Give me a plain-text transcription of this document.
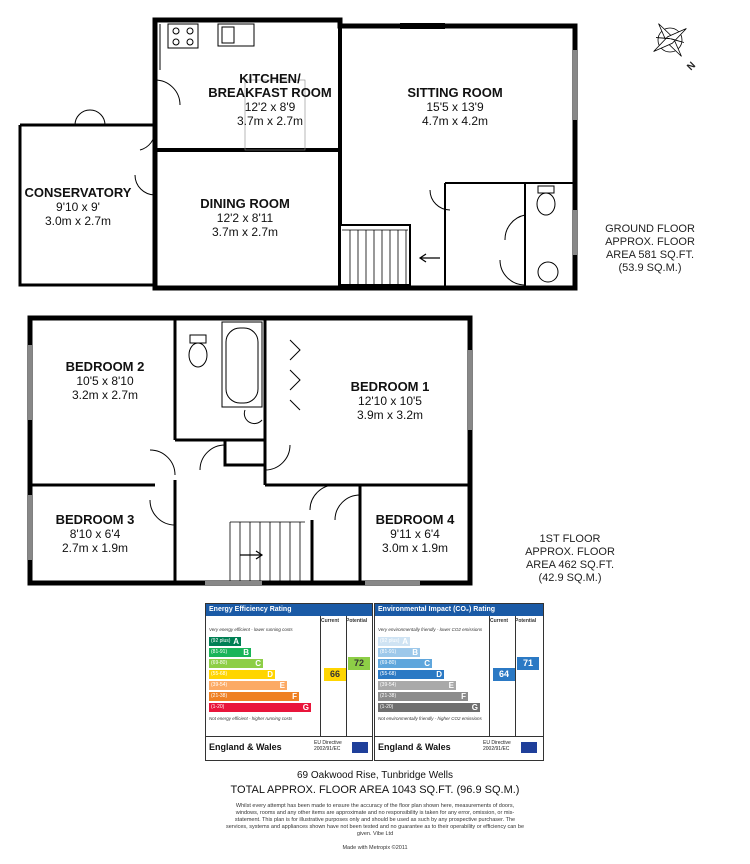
N
KITCHEN/
BREAKFAST ROOM
12'2 x 8'9
3.7m x 2.7m
SITTING ROOM
15'5 x 13'9
4.7m x 4.2m
CONSERVATORY
9'10 x 9'
3.0m x 2.7m
DINING ROOM
12'2 x 8'11
3.7m x 2.7m	GROUND FLOOR
APPROX. FLOOR
AREA 581 SQ.FT.
(53.9 SQ.M.)
BEDROOM 2
10'5 x 8'10
3.2m x 2.7m
BEDROOM 1
12'10 x 10'5
3.9m x 3.2m
BEDROOM 3
8'10 x 6'4
2.7m x 1.9m
BEDROOM 4
9'11 x 6'4
3.0m x 1.9m
1ST FLOOR
APPROX. FLOOR
AREA 462 SQ.FT.
(42.9 SQ.M.)
Energy Efficiency Rating
Current Potential
Very energy efficient - lower running costs
(92 plus) A
(81-91) B
(69-80)	C
(55-68)	D
(39-54)	E
(21-38)	F
(1-20)	G
Not energy efficient - higher running costs
66
72
England & Wales	EU Directive
2002/91/EC
Environmental Impact (CO₂) Rating
Current Potential
Very environmentally friendly - lower CO2 emissions
(92 plus) A
(81-91) B
(69-80)	C
(55-68)	D
(39-54)	E
(21-38)	F
(1-20)	G
Not environmentally friendly - higher CO2 emissions
64
71
England & Wales	EU Directive
2002/91/EC
69 Oakwood Rise, Tunbridge Wells
TOTAL APPROX. FLOOR AREA 1043 SQ.FT. (96.9 SQ.M.)
Whilst every attempt has been made to ensure the accuracy of the floor plan shown here, measurements of doors, windows, rooms and any other items are approximate and no responsibility is taken for any error, omission, or mis-statement. This plan is for illustrative purposes only and should be used as such by any prospective purchaser. The services, systems and appliances shown have not been tested and no guarantee as to their operability or efficiency can be given. Vibe Ltd
Made with Metropix ©2011
